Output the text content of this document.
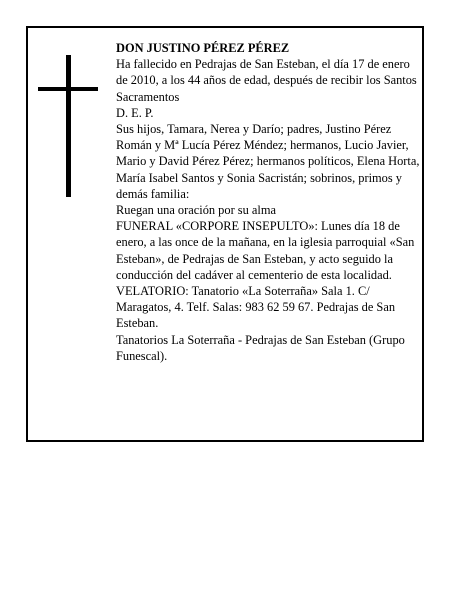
DON JUSTINO PÉREZ PÉREZ

Ha fallecido en Pedrajas de San Esteban, el día 17 de enero de 2010, a los 44 años de edad, después de recibir los Santos Sacramentos

D. E. P.

Sus hijos, Tamara, Nerea y Darío; padres, Justino Pérez Román y Mª Lucía Pérez Méndez; hermanos, Lucio Javier, Mario y David Pérez Pérez; hermanos políticos, Elena Horta, María Isabel Santos y Sonia Sacristán; sobrinos, primos y demás familia:

Ruegan una oración por su alma

FUNERAL «CORPORE INSEPULTO»: Lunes día 18 de enero, a las once de la mañana, en la iglesia parroquial «San Esteban», de Pedrajas de San Esteban, y acto seguido la conducción del cadáver al cementerio de esta localidad.

VELATORIO: Tanatorio «La Soterraña» Sala 1. C/ Maragatos, 4. Telf. Salas: 983 62 59 67. Pedrajas de San Esteban.

Tanatorios La Soterraña - Pedrajas de San Esteban (Grupo Funescal).
